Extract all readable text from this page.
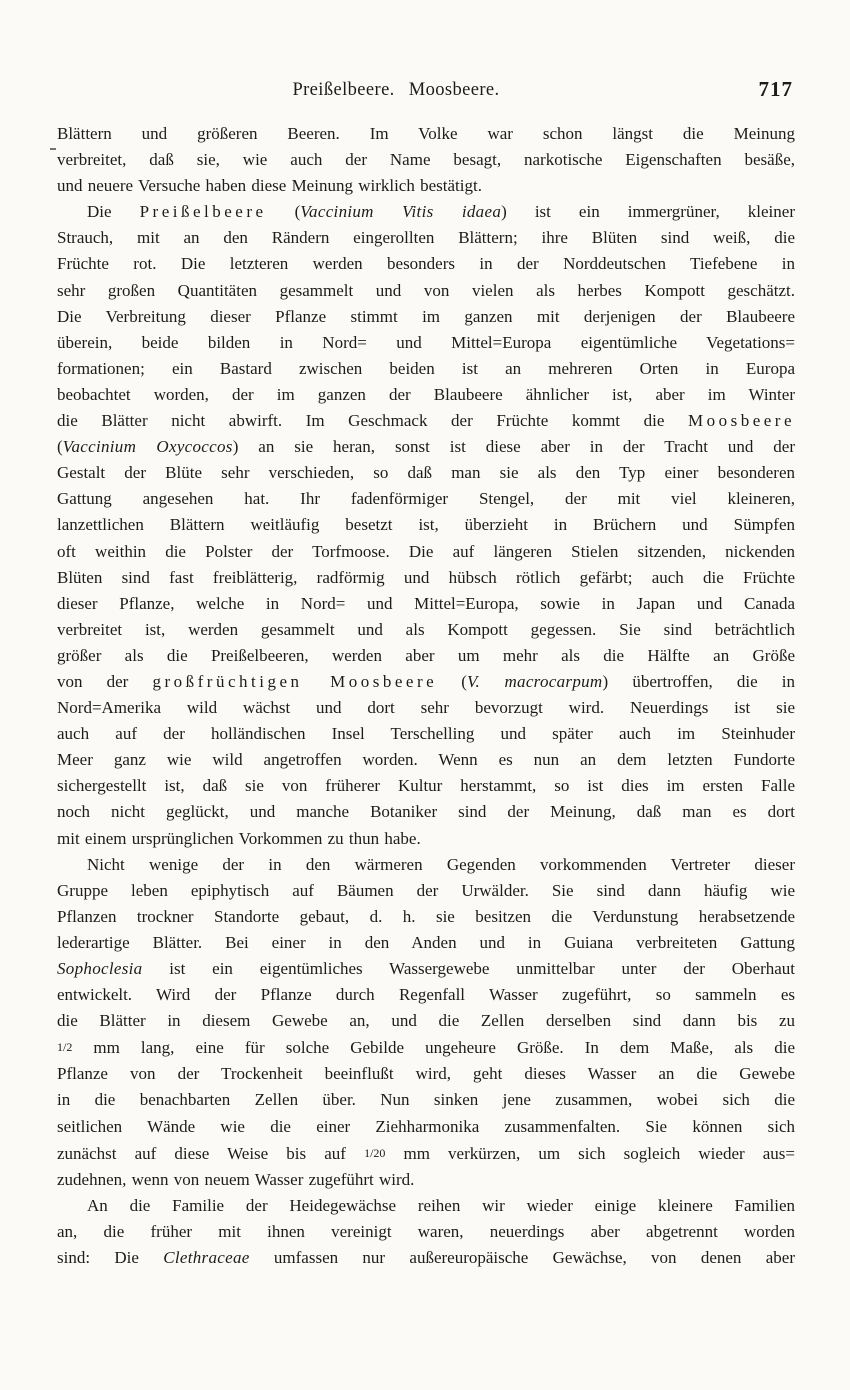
Preißelbeere. Moosbeere.	717
Blättern und größeren Beeren. Im Volke war schon längst die Meinung
verbreitet, daß sie, wie auch der Name besagt, narkotische Eigenschaften besäße,
und neuere Versuche haben diese Meinung wirklich bestätigt.
Die Preißelbeere (Vaccinium Vitis idaea) ist ein immergrüner, kleiner
Strauch, mit an den Rändern eingerollten Blättern; ihre Blüten sind weiß, die
Früchte rot. Die letzteren werden besonders in der Norddeutschen Tiefebene in
sehr großen Quantitäten gesammelt und von vielen als herbes Kompott geschätzt.
Die Verbreitung dieser Pflanze stimmt im ganzen mit derjenigen der Blaubeere
überein, beide bilden in Nord= und Mittel=Europa eigentümliche Vegetations=
formationen; ein Bastard zwischen beiden ist an mehreren Orten in Europa
beobachtet worden, der im ganzen der Blaubeere ähnlicher ist, aber im Winter
die Blätter nicht abwirft. Im Geschmack der Früchte kommt die Moosbeere
(Vaccinium Oxycoccos) an sie heran, sonst ist diese aber in der Tracht und der
Gestalt der Blüte sehr verschieden, so daß man sie als den Typ einer besonderen
Gattung angesehen hat. Ihr fadenförmiger Stengel, der mit viel kleineren,
lanzettlichen Blättern weitläufig besetzt ist, überzieht in Brüchern und Sümpfen
oft weithin die Polster der Torfmoose. Die auf längeren Stielen sitzenden, nickenden
Blüten sind fast freiblätterig, radförmig und hübsch rötlich gefärbt; auch die Früchte
dieser Pflanze, welche in Nord= und Mittel=Europa, sowie in Japan und Canada
verbreitet ist, werden gesammelt und als Kompott gegessen. Sie sind beträchtlich
größer als die Preißelbeeren, werden aber um mehr als die Hälfte an Größe
von der großfrüchtigen Moosbeere (V. macrocarpum) übertroffen, die in
Nord=Amerika wild wächst und dort sehr bevorzugt wird. Neuerdings ist sie
auch auf der holländischen Insel Terschelling und später auch im Steinhuder
Meer ganz wie wild angetroffen worden. Wenn es nun an dem letzten Fundorte
sichergestellt ist, daß sie von früherer Kultur herstammt, so ist dies im ersten Falle
noch nicht geglückt, und manche Botaniker sind der Meinung, daß man es dort
mit einem ursprünglichen Vorkommen zu thun habe.
Nicht wenige der in den wärmeren Gegenden vorkommenden Vertreter dieser
Gruppe leben epiphytisch auf Bäumen der Urwälder. Sie sind dann häufig wie
Pflanzen trockner Standorte gebaut, d. h. sie besitzen die Verdunstung herabsetzende
lederartige Blätter. Bei einer in den Anden und in Guiana verbreiteten Gattung
Sophoclesia ist ein eigentümliches Wassergewebe unmittelbar unter der Oberhaut
entwickelt. Wird der Pflanze durch Regenfall Wasser zugeführt, so sammeln es
die Blätter in diesem Gewebe an, und die Zellen derselben sind dann bis zu
1/2 mm lang, eine für solche Gebilde ungeheure Größe. In dem Maße, als die
Pflanze von der Trockenheit beeinflußt wird, geht dieses Wasser an die Gewebe
in die benachbarten Zellen über. Nun sinken jene zusammen, wobei sich die
seitlichen Wände wie die einer Ziehharmonika zusammenfalten. Sie können sich
zunächst auf diese Weise bis auf 1/20 mm verkürzen, um sich sogleich wieder aus=
zudehnen, wenn von neuem Wasser zugeführt wird.
An die Familie der Heidegewächse reihen wir wieder einige kleinere Familien
an, die früher mit ihnen vereinigt waren, neuerdings aber abgetrennt worden
sind: Die Clethraceae umfassen nur außereuropäische Gewächse, von denen aber
